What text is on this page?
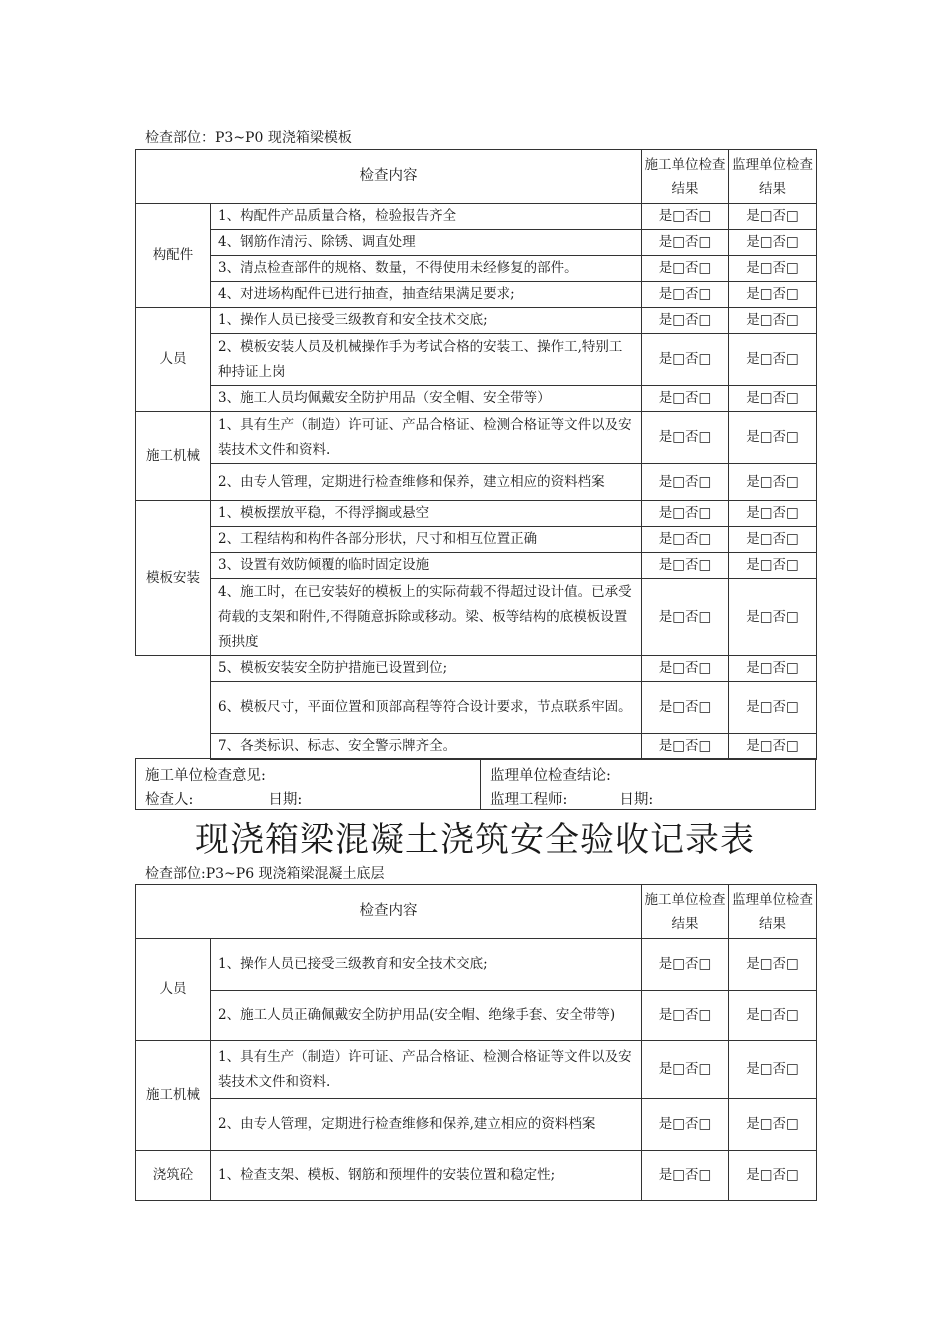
检查部位：P3~P0 现浇箱梁模板
检查内容		施工单位检查结果	监理单位检查结果
构配件	1、构配件产品质量合格，检验报告齐全	是□否□	是□否□
	4、钢筋作清污、除锈、调直处理	是□否□	是□否□
	3、清点检查部件的规格、数量，不得使用未经修复的部件。	是□否□	是□否□
	4、对进场构配件已进行抽查，抽查结果满足要求;	是□否□	是□否□
人员	1、操作人员已接受三级教育和安全技术交底;	是□否□	是□否□
	2、模板安装人员及机械操作手为考试合格的安装工、操作工,特别工种持证上岗	是□否□	是□否□
	3、施工人员均佩戴安全防护用品（安全帽、安全带等）	是□否□	是□否□
施工机械	1、具有生产（制造）许可证、产品合格证、检测合格证等文件以及安装技术文件和资料.	是□否□	是□否□
	2、由专人管理，定期进行检查维修和保养，建立相应的资料档案	是□否□	是□否□
模板安装	1、模板摆放平稳，不得浮搁或悬空	是□否□	是□否□
	2、工程结构和构件各部分形状，尺寸和相互位置正确	是□否□	是□否□
	3、设置有效防倾覆的临时固定设施	是□否□	是□否□
	4、施工时，在已安装好的模板上的实际荷载不得超过设计值。已承受荷载的支架和附件,不得随意拆除或移动。梁、板等结构的底模板设置预拱度	是□否□	是□否□
	5、模板安装安全防护措施已设置到位;	是□否□	是□否□
	6、模板尺寸，平面位置和顶部高程等符合设计要求，节点联系牢固。	是□否□	是□否□
	7、各类标识、标志、安全警示牌齐全。	是□否□	是□否□
施工单位检查意见:
检查人:	日期:
监理单位检查结论:
监理工程师:	日期:
现浇箱梁混凝土浇筑安全验收记录表
检查部位:P3~P6 现浇箱梁混凝土底层
检查内容		施工单位检查结果	监理单位检查结果
人员	1、操作人员已接受三级教育和安全技术交底;	是□否□	是□否□
	2、施工人员正确佩戴安全防护用品(安全帽、绝缘手套、安全带等)	是□否□	是□否□
施工机械	1、具有生产（制造）许可证、产品合格证、检测合格证等文件以及安装技术文件和资料.	是□否□	是□否□
	2、由专人管理，定期进行检查维修和保养,建立相应的资料档案	是□否□	是□否□
浇筑砼	1、检查支架、模板、钢筋和预埋件的安装位置和稳定性;	是□否□	是□否□
